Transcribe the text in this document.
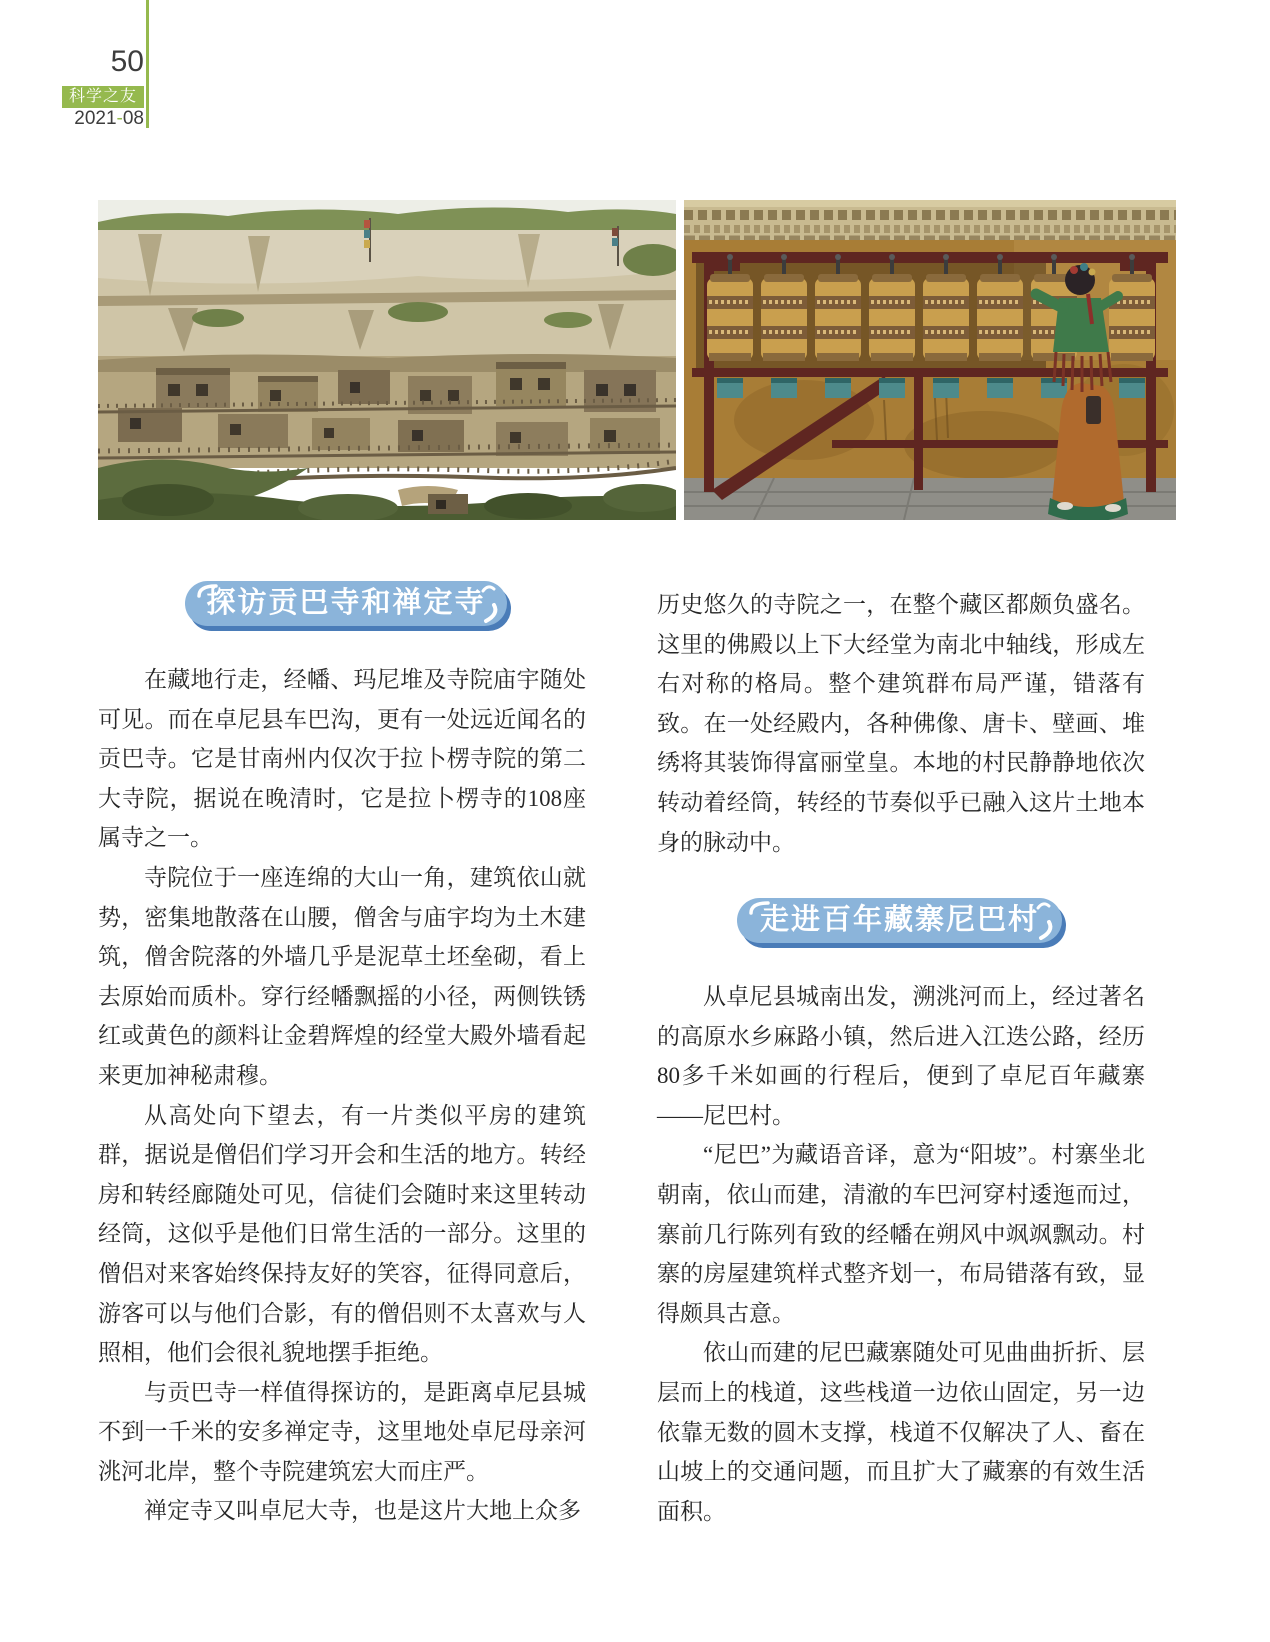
50
科学之友
2021-08
探访贡巴寺和禅定寺

在藏地行走，经幡、玛尼堆及寺院庙宇随处可见。而在卓尼县车巴沟，更有一处远近闻名的贡巴寺。它是甘南州内仅次于拉卜楞寺院的第二大寺院，据说在晚清时，它是拉卜楞寺的108座属寺之一。

寺院位于一座连绵的大山一角，建筑依山就势，密集地散落在山腰，僧舍与庙宇均为土木建筑，僧舍院落的外墙几乎是泥草土坯垒砌，看上去原始而质朴。穿行经幡飘摇的小径，两侧铁锈红或黄色的颜料让金碧辉煌的经堂大殿外墙看起来更加神秘肃穆。

从高处向下望去，有一片类似平房的建筑群，据说是僧侣们学习开会和生活的地方。转经房和转经廊随处可见，信徒们会随时来这里转动经筒，这似乎是他们日常生活的一部分。这里的僧侣对来客始终保持友好的笑容，征得同意后，游客可以与他们合影，有的僧侣则不太喜欢与人照相，他们会很礼貌地摆手拒绝。

与贡巴寺一样值得探访的，是距离卓尼县城不到一千米的安多禅定寺，这里地处卓尼母亲河洮河北岸，整个寺院建筑宏大而庄严。

禅定寺又叫卓尼大寺，也是这片大地上众多

历史悠久的寺院之一，在整个藏区都颇负盛名。这里的佛殿以上下大经堂为南北中轴线，形成左右对称的格局。整个建筑群布局严谨，错落有致。在一处经殿内，各种佛像、唐卡、壁画、堆绣将其装饰得富丽堂皇。本地的村民静静地依次转动着经筒，转经的节奏似乎已融入这片土地本身的脉动中。

走进百年藏寨尼巴村

从卓尼县城南出发，溯洮河而上，经过著名的高原水乡麻路小镇，然后进入江迭公路，经历80多千米如画的行程后，便到了卓尼百年藏寨——尼巴村。

“尼巴”为藏语音译，意为“阳坡”。村寨坐北朝南，依山而建，清澈的车巴河穿村逶迤而过，寨前几行陈列有致的经幡在朔风中飒飒飘动。村寨的房屋建筑样式整齐划一，布局错落有致，显得颇具古意。

依山而建的尼巴藏寨随处可见曲曲折折、层层而上的栈道，这些栈道一边依山固定，另一边依靠无数的圆木支撑，栈道不仅解决了人、畜在山坡上的交通问题，而且扩大了藏寨的有效生活面积。
